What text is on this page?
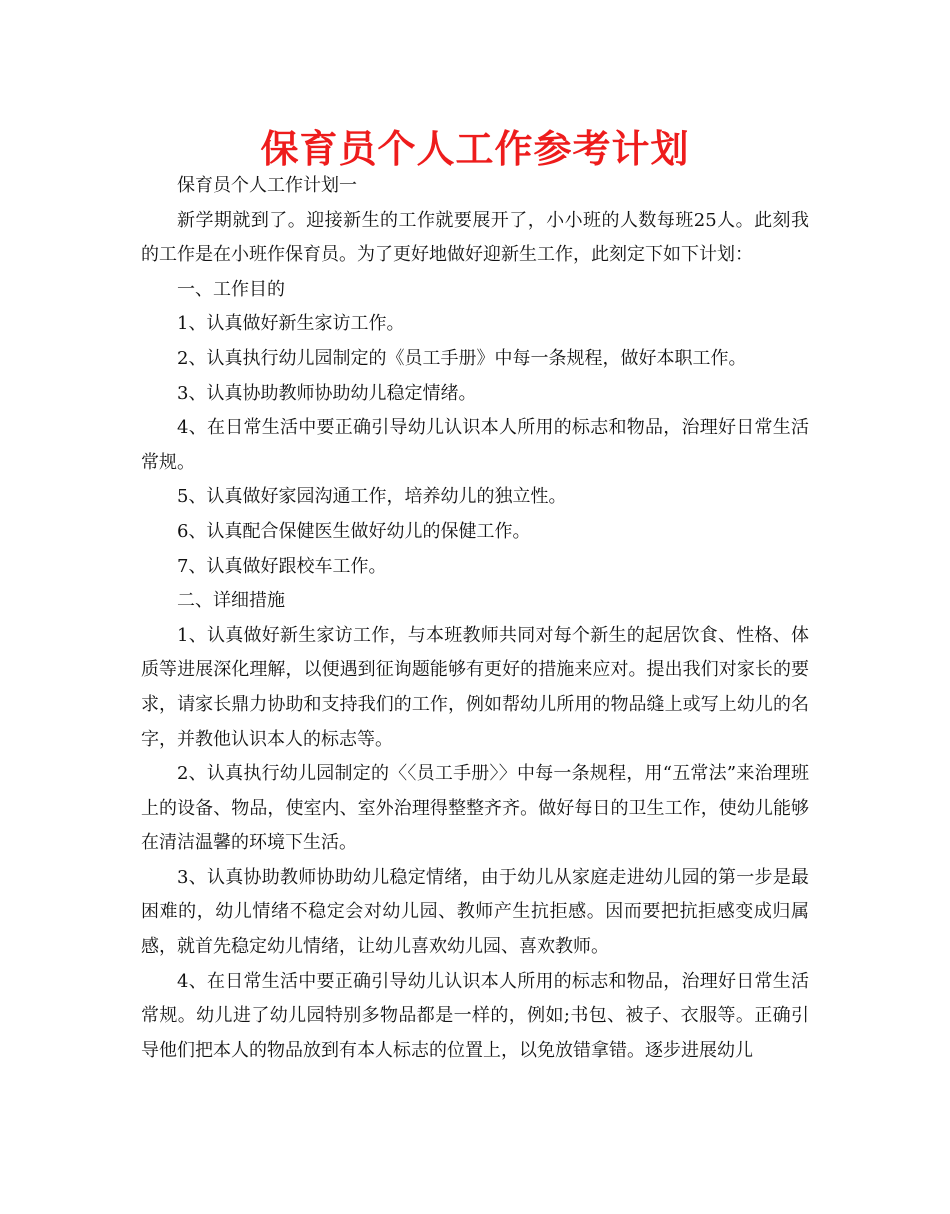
保育员个人工作参考计划

保育员个人工作计划一

新学期就到了。迎接新生的工作就要展开了，小小班的人数每班25人。此刻我的工作是在小班作保育员。为了更好地做好迎新生工作，此刻定下如下计划：

一、工作目的

1、认真做好新生家访工作。

2、认真执行幼儿园制定的《员工手册》中每一条规程，做好本职工作。

3、认真协助教师协助幼儿稳定情绪。

4、在日常生活中要正确引导幼儿认识本人所用的标志和物品，治理好日常生活常规。

5、认真做好家园沟通工作，培养幼儿的独立性。

6、认真配合保健医生做好幼儿的保健工作。

7、认真做好跟校车工作。

二、详细措施

1、认真做好新生家访工作，与本班教师共同对每个新生的起居饮食、性格、体质等进展深化理解，以便遇到征询题能够有更好的措施来应对。提出我们对家长的要求，请家长鼎力协助和支持我们的工作，例如帮幼儿所用的物品缝上或写上幼儿的名字，并教他认识本人的标志等。

2、认真执行幼儿园制定的〈〈员工手册〉〉中每一条规程，用“五常法”来治理班上的设备、物品，使室内、室外治理得整整齐齐。做好每日的卫生工作，使幼儿能够在清洁温馨的环境下生活。

3、认真协助教师协助幼儿稳定情绪，由于幼儿从家庭走进幼儿园的第一步是最困难的，幼儿情绪不稳定会对幼儿园、教师产生抗拒感。因而要把抗拒感变成归属感，就首先稳定幼儿情绪，让幼儿喜欢幼儿园、喜欢教师。

4、在日常生活中要正确引导幼儿认识本人所用的标志和物品，治理好日常生活常规。幼儿进了幼儿园特别多物品都是一样的，例如;书包、被子、衣服等。正确引导他们把本人的物品放到有本人标志的位置上，以免放错拿错。逐步进展幼儿
